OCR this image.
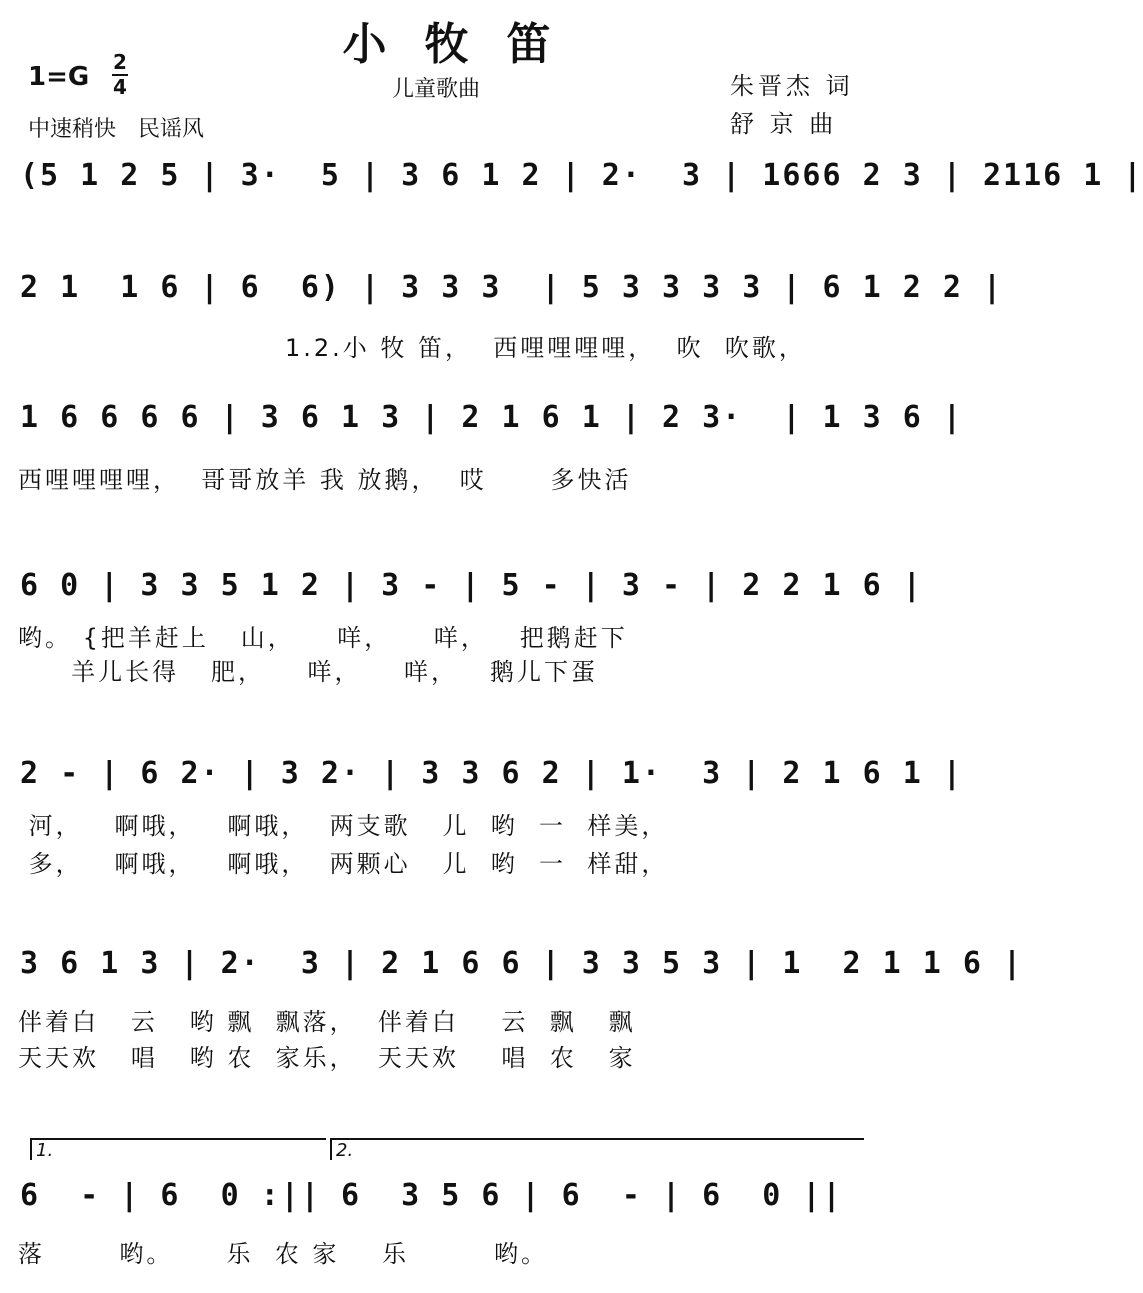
小牧笛
1=G 2
4	儿童歌曲
中速稍快　民谣风
朱晋杰 词
舒 京 曲
(5 1 2 5 | 3·  5 | 3 6 1 2 | 2·  3 | 1666 2 3 | 2116 1 |
2 1  1 6 | 6  6) | 3 3 3  | 5 3 3 3 3 | 6 1 2 2 |
1.2.小 牧 笛，  西哩哩哩哩，  吹  吹歌，
1 6 6 6 6 | 3 6 1 3 | 2 1 6 1 | 2 3·  | 1 3 6 |
西哩哩哩哩，  哥哥放羊 我 放鹅，  哎      多快活
6 0 | 3 3 5 1 2 | 3 - | 5 - | 3 - | 2 2 1 6 |
哟。 {把羊赶上   山，    咩，    咩，   把鹅赶下
羊儿长得   肥，    咩，    咩，   鹅儿下蛋
2 - | 6 2· | 3 2· | 3 3 6 2 | 1·  3 | 2 1 6 1 |
河，   啊哦，   啊哦，  两支歌   儿  哟  一  样美，
多，   啊哦，   啊哦，  两颗心   儿  哟  一  样甜，
3 6 1 3 | 2·  3 | 2 1 6 6 | 3 3 5 3 | 1  2 1 1 6 |
伴着白   云   哟 飘  飘落，  伴着白    云  飘   飘
天天欢   唱   哟 农  家乐，  天天欢    唱  农   家
1.	2.
6  - | 6  0 :|| 6  3 5 6 | 6  - | 6  0 ||
落       哟。     乐  农 家    乐        哟。
